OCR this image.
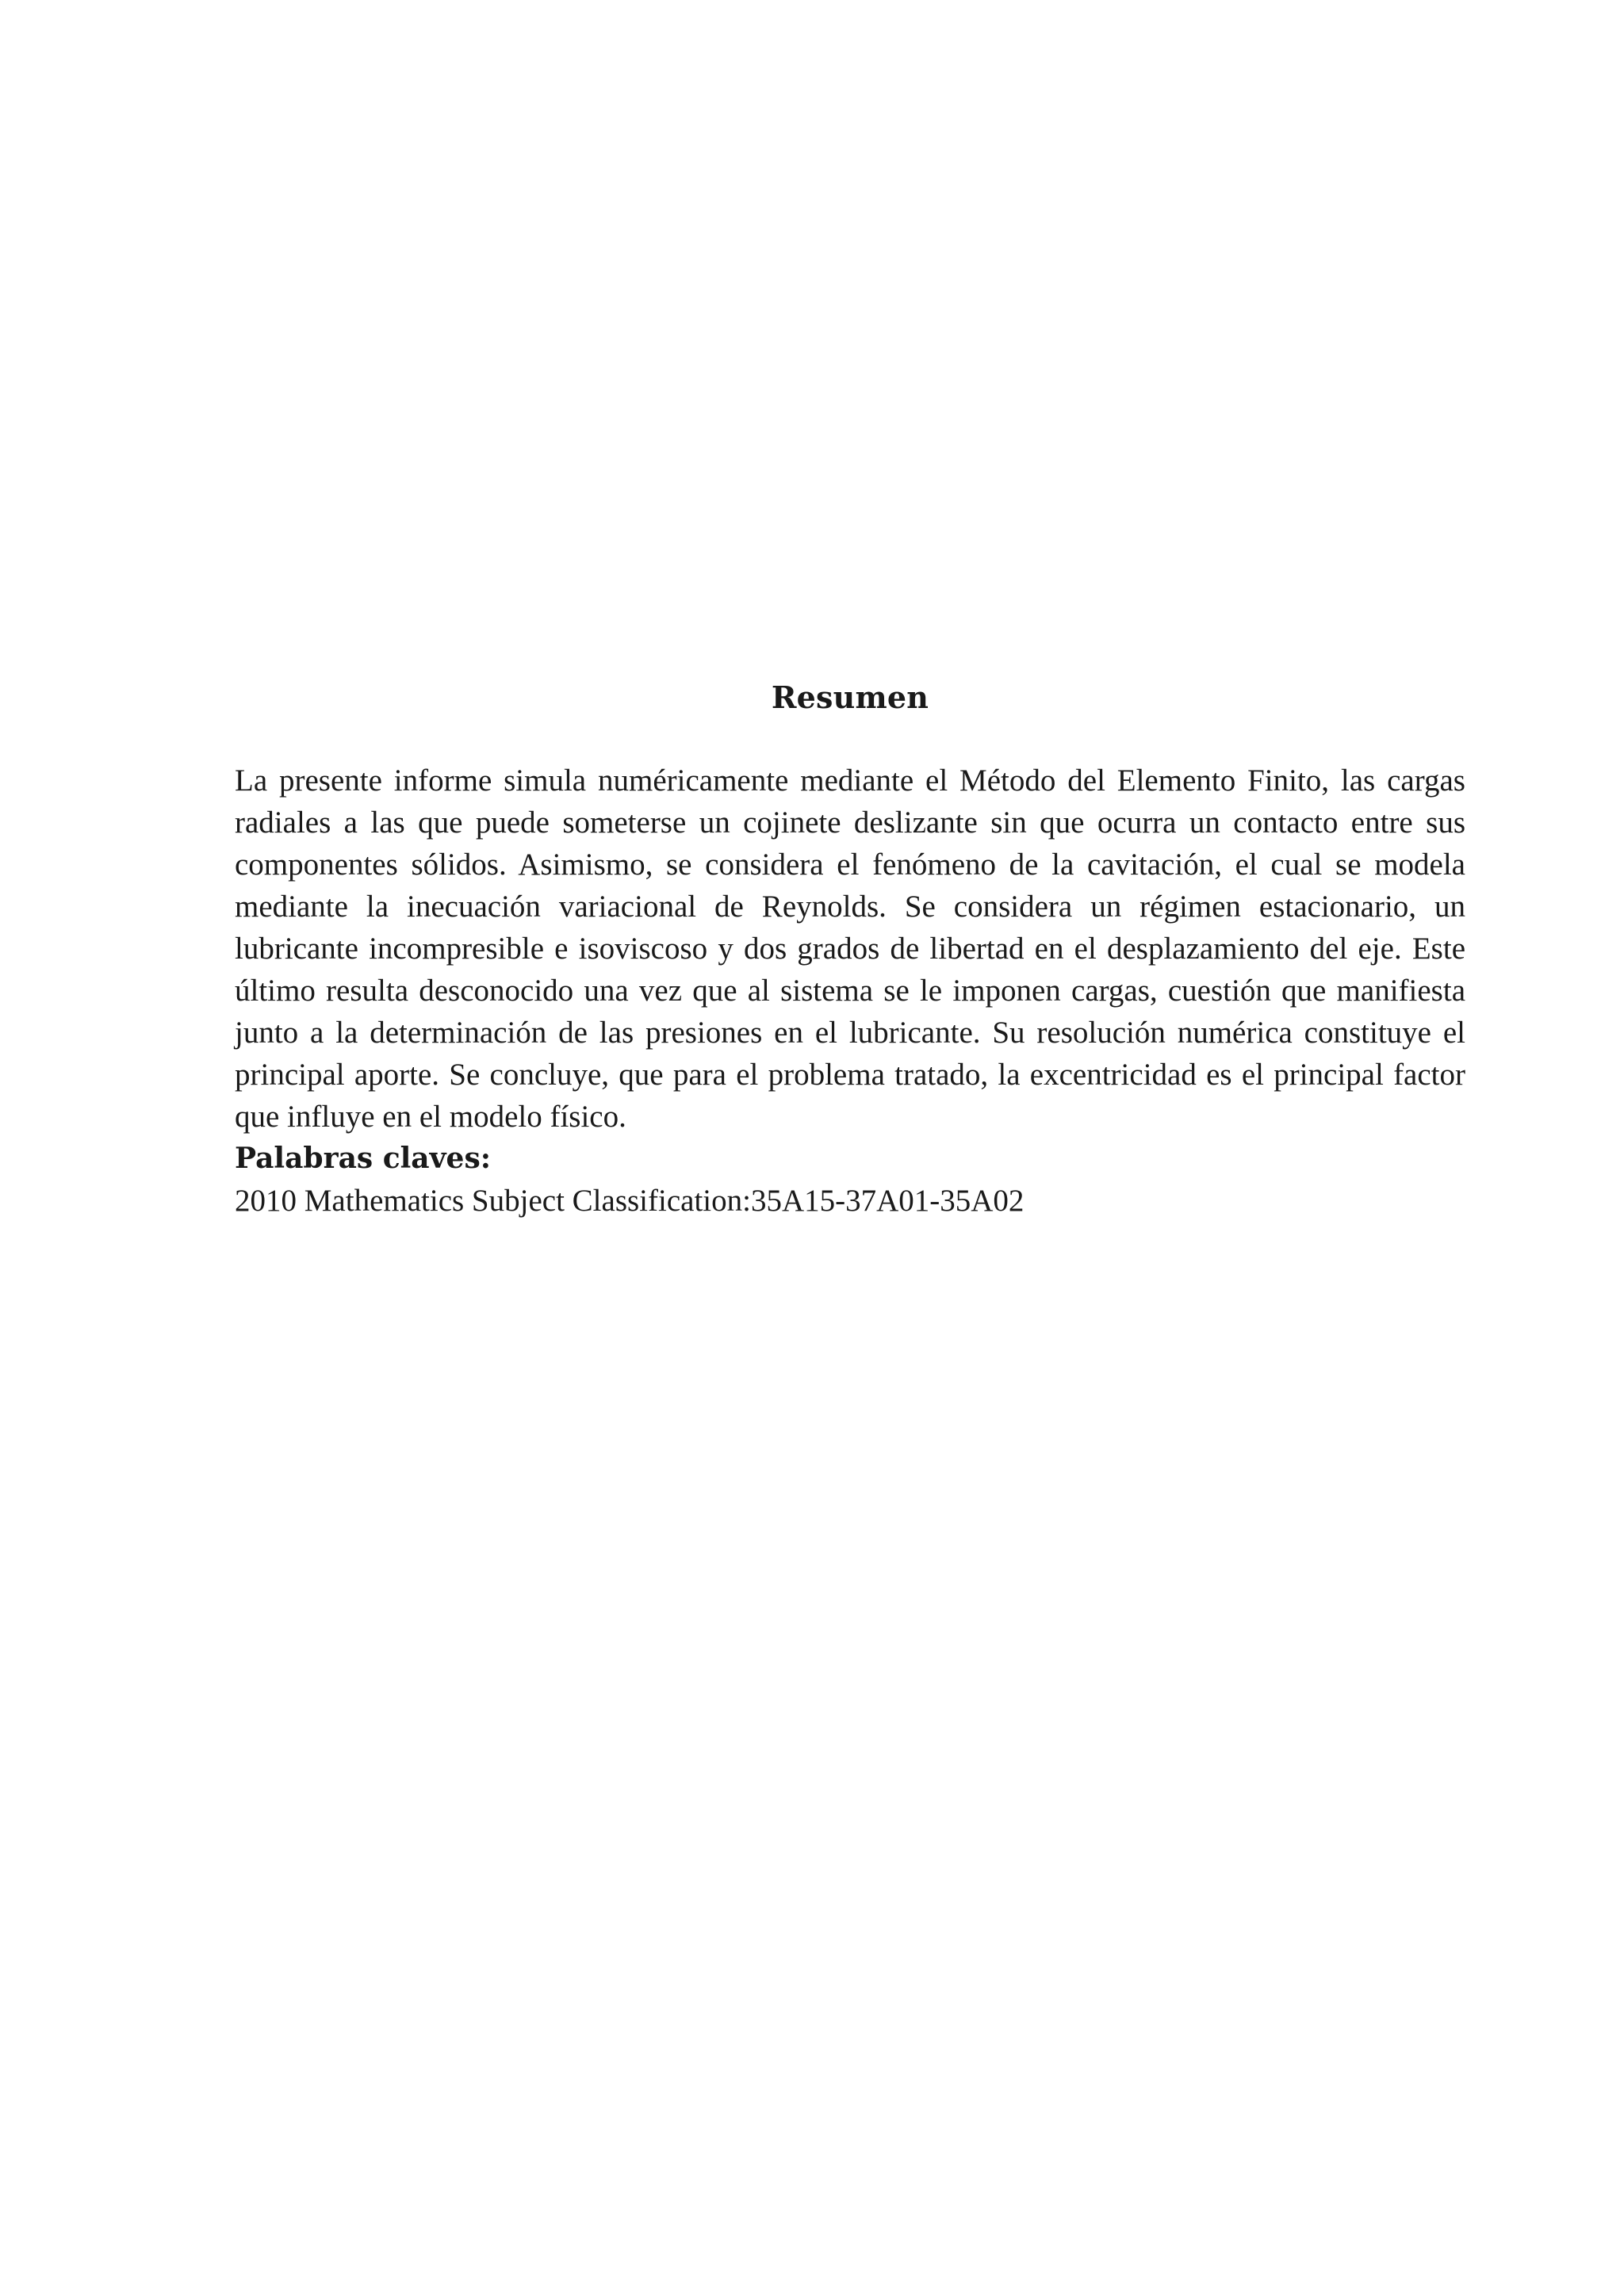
Resumen

La presente informe simula numéricamente mediante el Método del Elemento Finito, las cargas radiales a las que puede someterse un cojinete deslizante sin que ocurra un contacto entre sus componentes sólidos. Asimismo, se considera el fenómeno de la cavitación, el cual se modela mediante la inecuación variacional de Reynolds. Se considera un régimen estacionario, un lubricante incompresible e isoviscoso y dos grados de libertad en el desplazamiento del eje. Este último resulta desconocido una vez que al sistema se le imponen cargas, cuestión que manifiesta junto a la determinación de las presiones en el lubricante. Su resolución numérica constituye el principal aporte. Se concluye, que para el problema tratado, la excentricidad es el principal factor que influye en el modelo físico.

Palabras claves:

2010 Mathematics Subject Classification:35A15-37A01-35A02
